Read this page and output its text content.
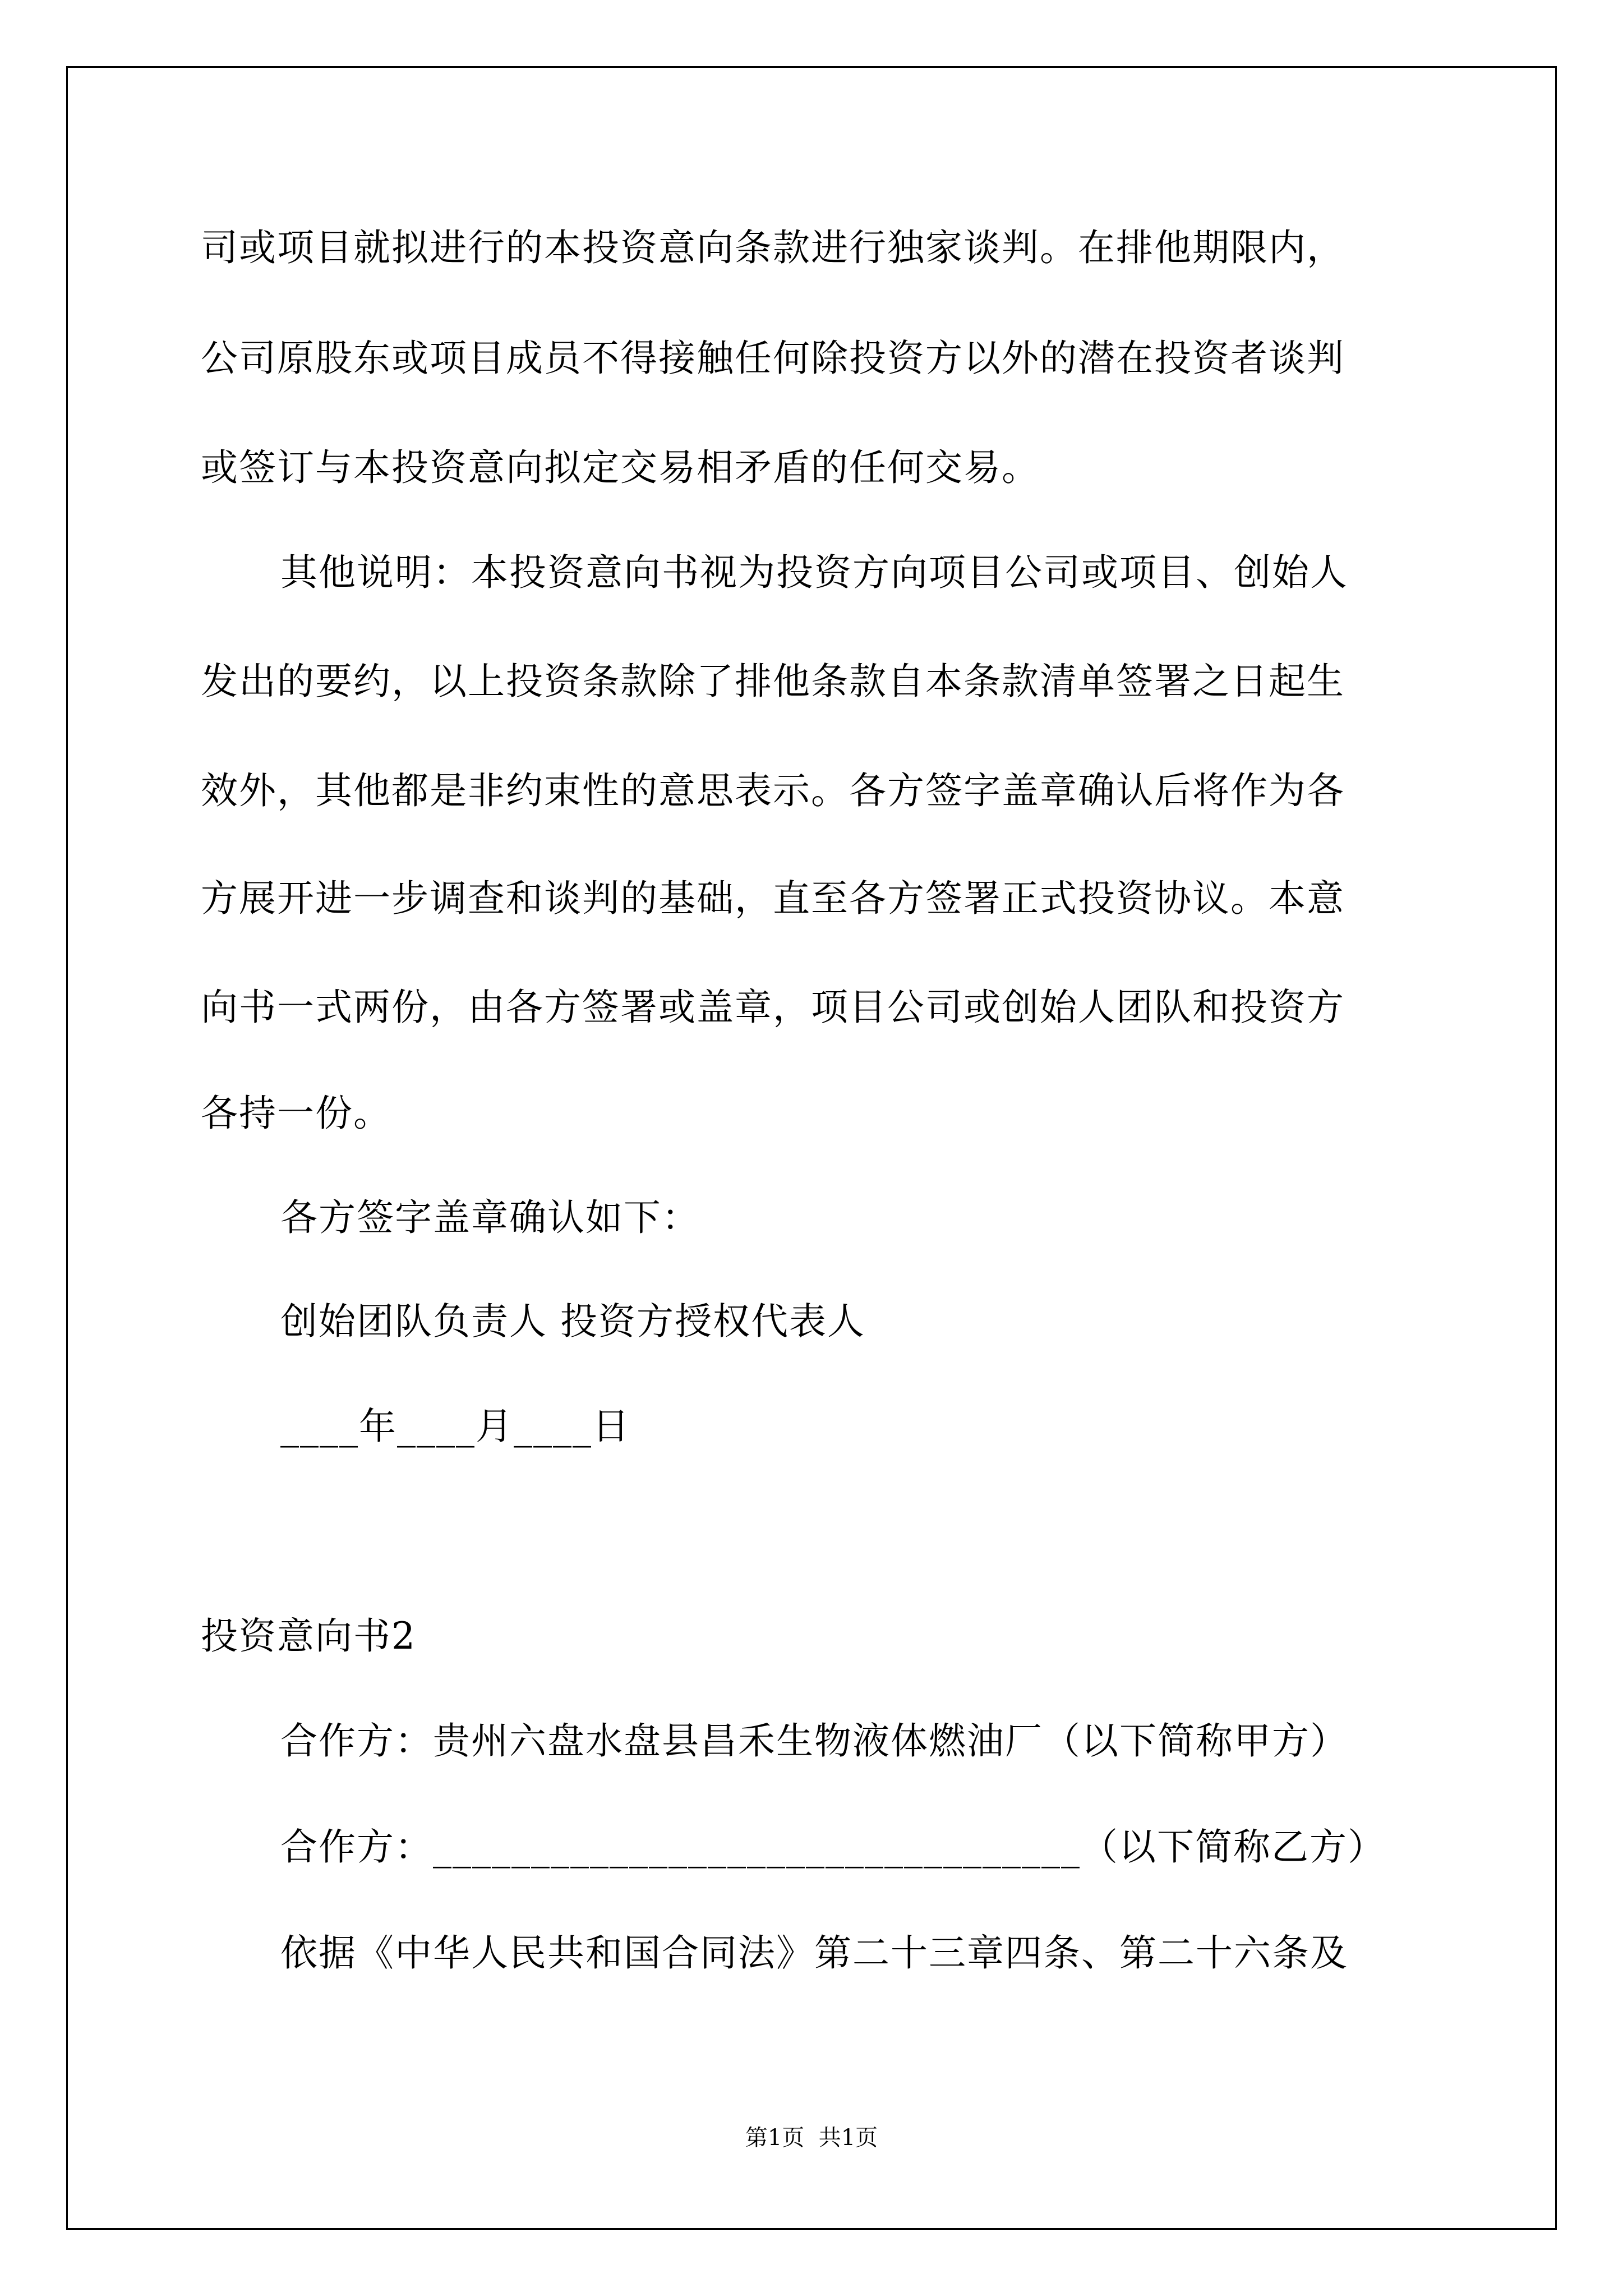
司或项目就拟进行的本投资意向条款进行独家谈判。在排他期限内，
公司原股东或项目成员不得接触任何除投资方以外的潜在投资者谈判
或签订与本投资意向拟定交易相矛盾的任何交易。
其他说明：本投资意向书视为投资方向项目公司或项目、创始人
发出的要约，以上投资条款除了排他条款自本条款清单签署之日起生
效外，其他都是非约束性的意思表示。各方签字盖章确认后将作为各
方展开进一步调查和谈判的基础，直至各方签署正式投资协议。本意
向书一式两份，由各方签署或盖章，项目公司或创始人团队和投资方
各持一份。
各方签字盖章确认如下：
创始团队负责人 投资方授权代表人
____年____月____日
投资意向书2
合作方：贵州六盘水盘县昌禾生物液体燃油厂（以下简称甲方）
合作方：_________________________________（以下简称乙方）
依据《中华人民共和国合同法》第二十三章四条、第二十六条及
第1页  共1页
